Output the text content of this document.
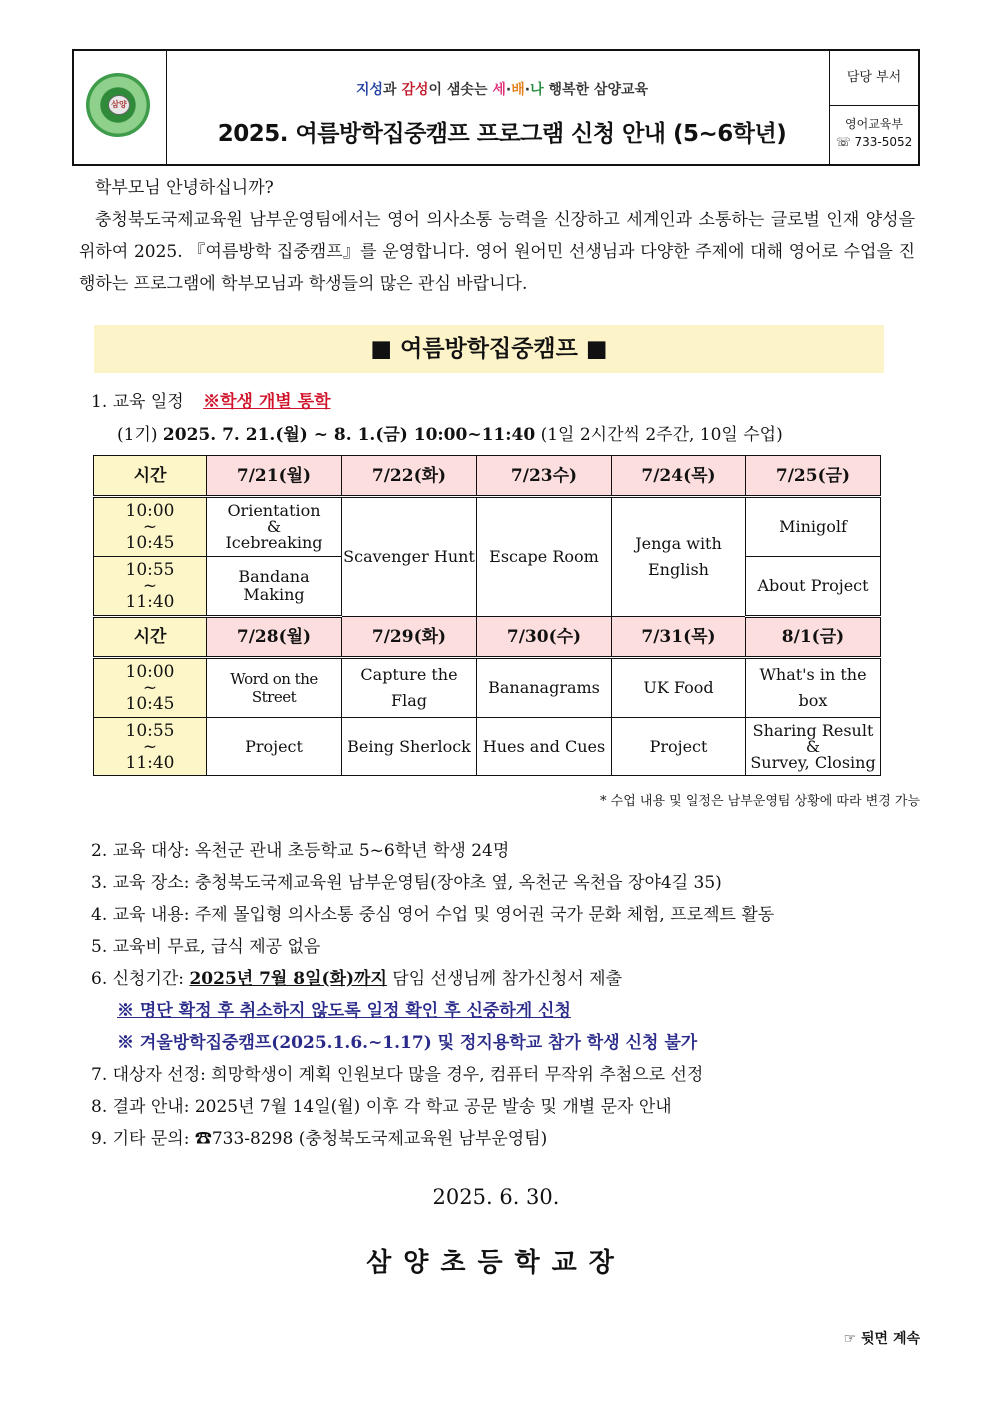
삼양
지성과 감성이 샘솟는 세·배·나 행복한 삼양교육
2025. 여름방학집중캠프 프로그램 신청 안내 (5~6학년)
담당 부서
영어교육부
☏ 733-5052
학부모님 안녕하십니까?
충청북도국제교육원 남부운영팀에서는 영어 의사소통 능력을 신장하고 세계인과 소통하는 글로벌 인재 양성을 위하여 2025. 『여름방학 집중캠프』를 운영합니다. 영어 원어민 선생님과 다양한 주제에 대해 영어로 수업을 진행하는 프로그램에 학부모님과 학생들의 많은 관심 바랍니다.
■ 여름방학집중캠프 ■
1. 교육 일정 ※학생 개별 통학
(1기) 2025. 7. 21.(월) ~ 8. 1.(금) 10:00~11:40 (1일 2시간씩 2주간, 10일 수업)
시간	7/21(월)	7/22(화)	7/23수)	7/24(목)	7/25(금)
10:00
~
10:45	Orientation
&
Icebreaking	Scavenger Hunt	Escape Room	Jenga with
English	Minigolf
10:55
~
11:40	Bandana Making				About Project
시간	7/28(월)	7/29(화)	7/30(수)	7/31(목)	8/1(금)
10:00
~
10:45	Word on the Street	Capture the
Flag	Bananagrams	UK Food	What's in the
box
10:55
~
11:40	Project	Being Sherlock	Hues and Cues	Project	Sharing Result
&
Survey, Closing
* 수업 내용 및 일정은 남부운영팀 상황에 따라 변경 가능
2. 교육 대상: 옥천군 관내 초등학교 5~6학년 학생 24명
3. 교육 장소: 충청북도국제교육원 남부운영팀(장야초 옆, 옥천군 옥천읍 장야4길 35)
4. 교육 내용: 주제 몰입형 의사소통 중심 영어 수업 및 영어권 국가 문화 체험, 프로젝트 활동
5. 교육비 무료, 급식 제공 없음
6. 신청기간: 2025년 7월 8일(화)까지 담임 선생님께 참가신청서 제출
※ 명단 확정 후 취소하지 않도록 일정 확인 후 신중하게 신청
※ 겨울방학집중캠프(2025.1.6.~1.17) 및 정지용학교 참가 학생 신청 불가
7. 대상자 선정: 희망학생이 계획 인원보다 많을 경우, 컴퓨터 무작위 추첨으로 선정
8. 결과 안내: 2025년 7월 14일(월) 이후 각 학교 공문 발송 및 개별 문자 안내
9. 기타 문의: ☎733-8298 (충청북도국제교육원 남부운영팀)
2025. 6. 30.
삼양초등학교장
☞ 뒷면 계속
